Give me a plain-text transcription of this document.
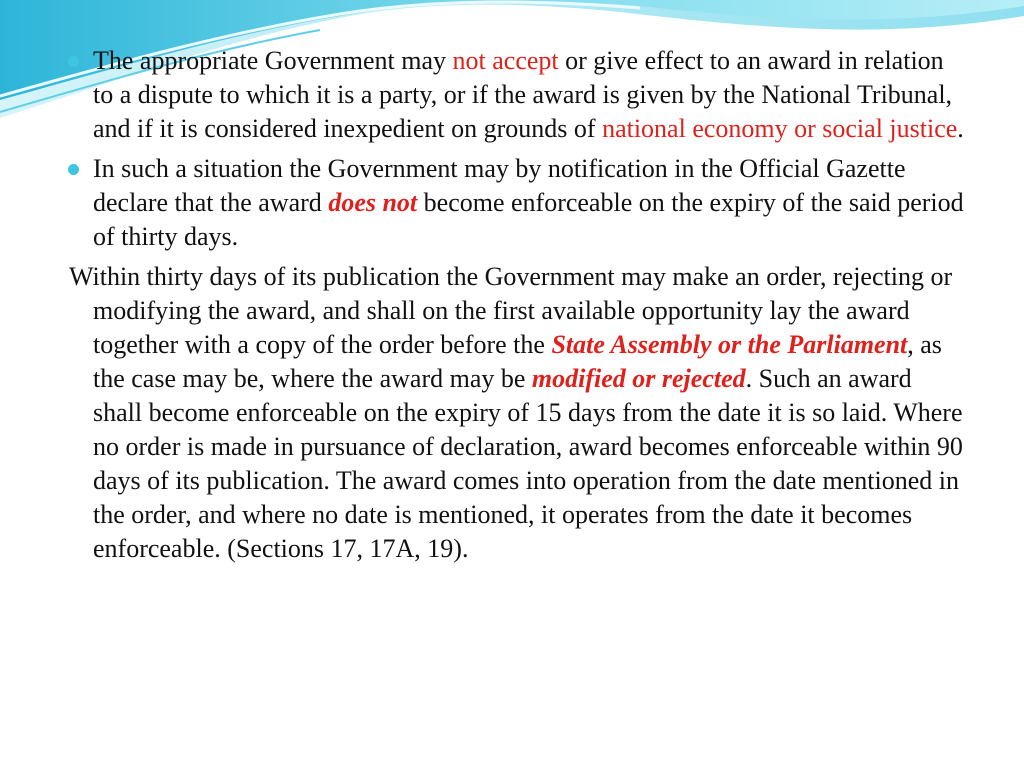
The appropriate Government may not accept or give effect to an award in relation to a dispute to which it is a party, or if the award is given by the National Tribunal, and if it is considered inexpedient on grounds of national economy or social justice.
In such a situation the Government may by notification in the Official Gazette declare that the award does not become enforceable on the expiry of the said period of thirty days.
Within thirty days of its publication the Government may make an order, rejecting or modifying the award, and shall on the first available opportunity lay the award together with a copy of the order before the State Assembly or the Parliament, as the case may be, where the award may be modified or rejected. Such an award shall become enforceable on the expiry of 15 days from the date it is so laid. Where no order is made in pursuance of declaration, award becomes enforceable within 90 days of its publication. The award comes into operation from the date mentioned in the order, and where no date is mentioned, it operates from the date it becomes enforceable. (Sections 17, 17A, 19).
